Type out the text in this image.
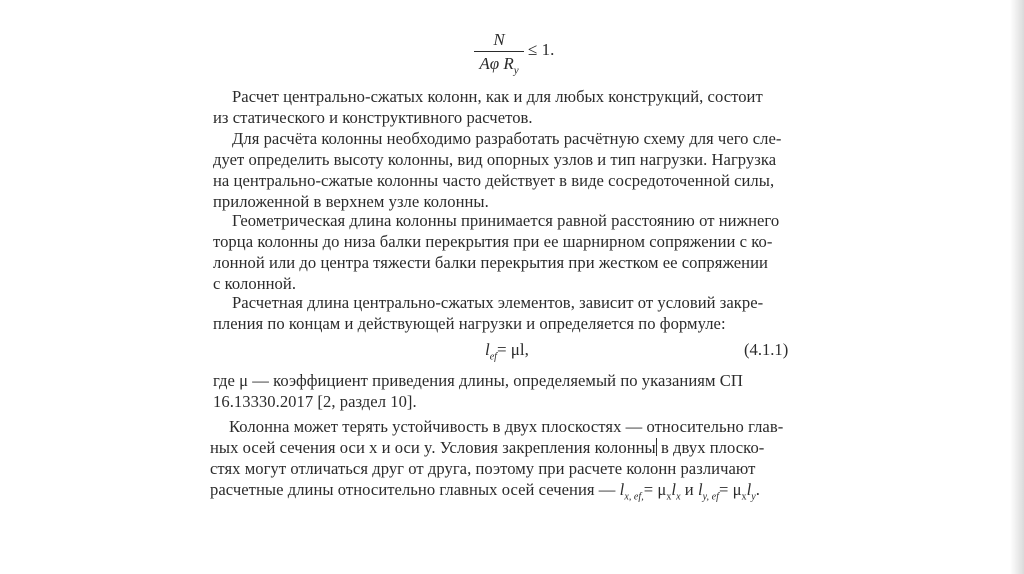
N
Aφ $R_y$
≤ 1.

Расчет центрально-сжатых колонн, как и для любых конструкций, состоит
из статического и конструктивного расчетов.

Для расчёта колонны необходимо разработать расчётную схему для чего сле-
дует определить высоту колонны, вид опорных узлов и тип нагрузки. Нагрузка
на центрально-сжатые колонны часто действует в виде сосредоточенной силы,
приложенной в верхнем узле колонны.

Геометрическая длина колонны принимается равной расстоянию от нижнего
торца колонны до низа балки перекрытия при ее шарнирном сопряжении с ко-
лонной или до центра тяжести балки перекрытия при жестком ее сопряжении
с колонной.

Расчетная длина центрально-сжатых элементов, зависит от условий закре-
пления по концам и действующей нагрузки и определяется по формуле:

$l_{ef}= \mu l$,	(4.1.1)

где μ — коэффициент приведения длины, определяемый по указаниям СП
16.13330.2017 [2, раздел 10].

Колонна может терять устойчивость в двух плоскостях — относительно глав-
ных осей сечения оси x и оси y. Условия закрепления колонны в двух плоско-
стях могут отличаться друг от друга, поэтому при расчете колонн различают
расчетные длины относительно главных осей сечения — $l_{x, ef,}= \mu_xl_x$ и $l_{y, ef}= \mu_xl_y$.
